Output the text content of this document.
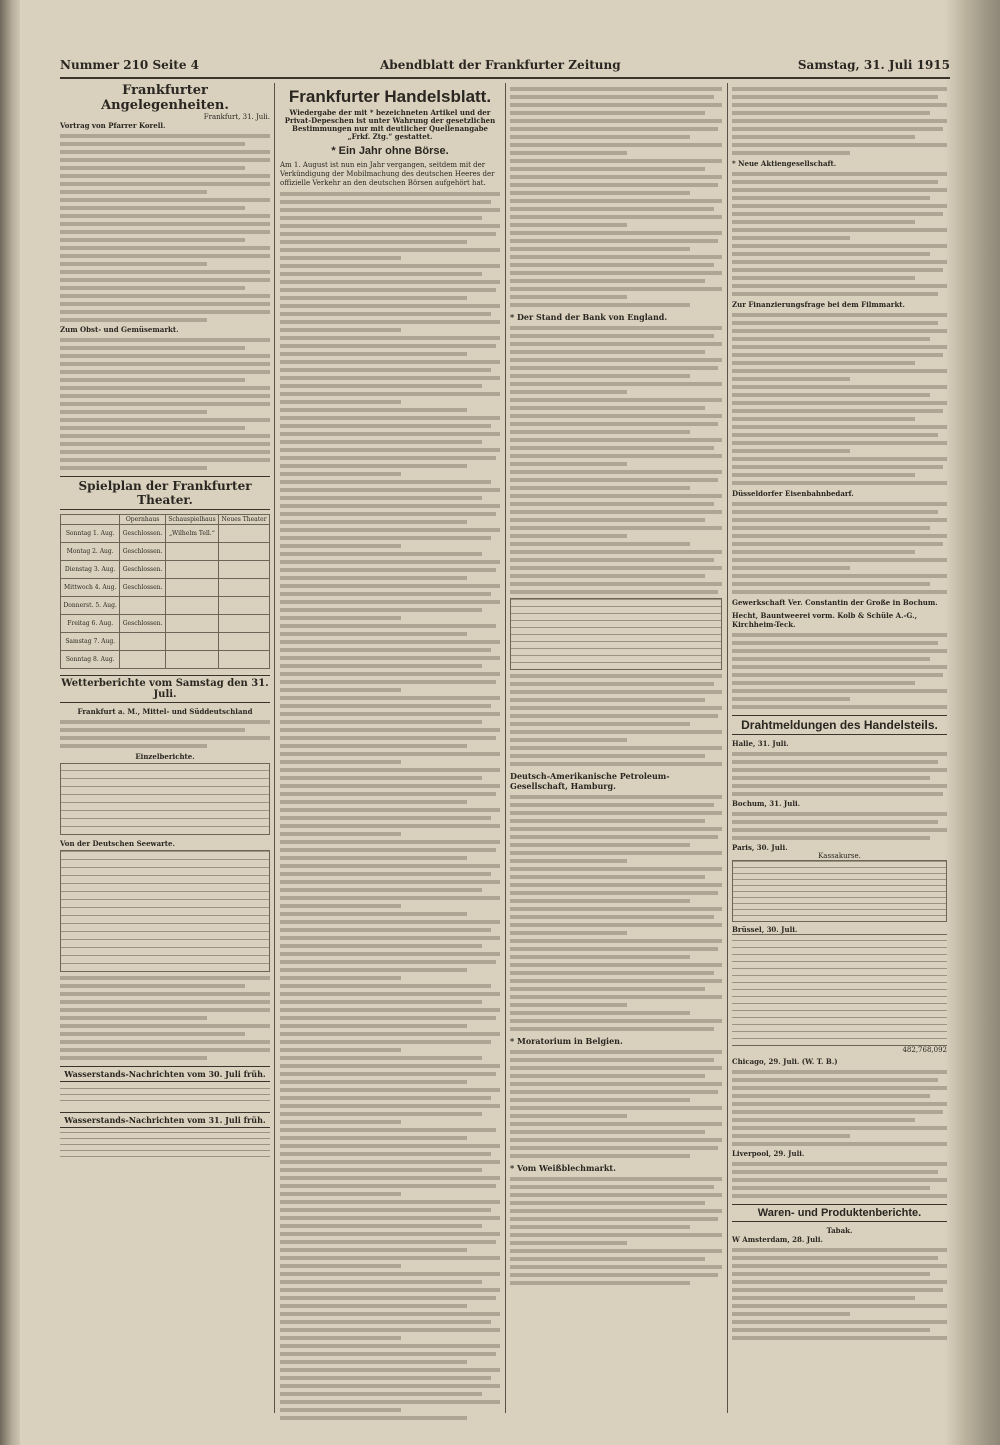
Nummer 210 Seite 4	Abendblatt der Frankfurter Zeitung	Samstag, 31. Juli 1915
Frankfurter Angelegenheiten.
Frankfurt, 31. Juli.
Vortrag von Pfarrer Korell.
Zum Obst- und Gemüsemarkt.
Spielplan der Frankfurter Theater.
	Opernhaus	Schauspielhaus	Neues Theater
Sonntag 1. Aug.	Geschlossen.	„Wilhelm Tell.“	
Montag 2. Aug.	Geschlossen.		
Dienstag 3. Aug.	Geschlossen.		
Mittwoch 4. Aug.	Geschlossen.		
Donnerst. 5. Aug.			
Freitag 6. Aug.	Geschlossen.		
Samstag 7. Aug.			
Sonntag 8. Aug.			
Wetterberichte vom Samstag den 31. Juli.
Frankfurt a. M., Mittel- und Süddeutschland
Einzelberichte.
Von der Deutschen Seewarte.
Wasserstands-Nachrichten vom 30. Juli früh.
Wasserstands-Nachrichten vom 31. Juli früh.
Frankfurter Handelsblatt.
Wiedergabe der mit * bezeichneten Artikel und der Privat-Depeschen ist unter Wahrung der gesetzlichen Bestimmungen nur mit deutlicher Quellenangabe „Frkf. Ztg.“ gestattet.
* Ein Jahr ohne Börse.
Am 1. August ist nun ein Jahr vergangen, seitdem mit der Verkündigung der Mobilmachung des deutschen Heeres der offizielle Verkehr an den deutschen Börsen aufgehört hat.
* Der Stand der Bank von England.
Deutsch-Amerikanische Petroleum-Gesellschaft, Hamburg.
* Moratorium in Belgien.
* Vom Weißblechmarkt.
* Neue Aktiengesellschaft.
Zur Finanzierungsfrage bei dem Filmmarkt.
Düsseldorfer Eisenbahnbedarf.
Gewerkschaft Ver. Constantin der Große in Bochum.
Hecht, Bauntweerei vorm. Kolb & Schüle A.-G., Kirchheim-Teck.
Drahtmeldungen des Handelsteils.
Halle, 31. Juli.
Bochum, 31. Juli.
Paris, 30. Juli.
Kassakurse.
Brüssel, 30. Juli.
482,768,092
Chicago, 29. Juli. (W. T. B.)
Liverpool, 29. Juli.
Waren- und Produktenberichte.
Tabak.
W Amsterdam, 28. Juli.
